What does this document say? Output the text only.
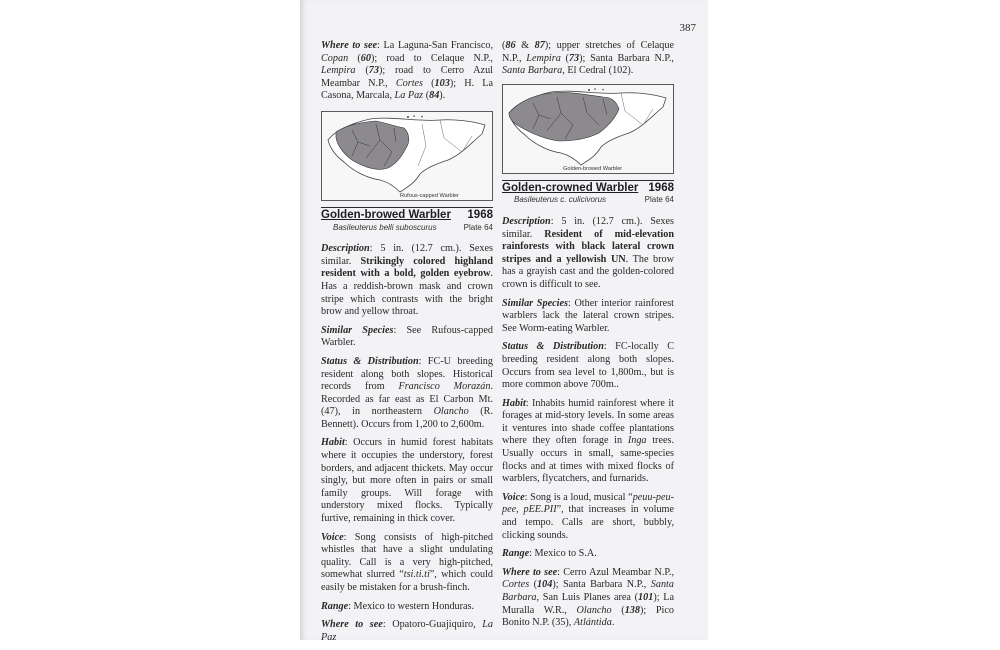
387

Where to see: La Laguna-San Francisco, Copan (60); road to Celaque N.P., Lempira (73); road to Cerro Azul Meambar N.P., Cortes (103); H. La Casona, Marcala, La Paz (84).

Rufous-capped Warbler
Golden-browed Warbler 1968
Basileuterus belli suboscurus	Plate 64

Description: 5 in. (12.7 cm.). Sexes similar. Strikingly colored highland resident with a bold, golden eyebrow. Has a reddish-brown mask and crown stripe which contrasts with the bright brow and yellow throat.

Similar Species: See Rufous-capped Warbler.

Status & Distribution: FC-U breeding resident along both slopes. Historical records from Francisco Morazán. Recorded as far east as El Carbon Mt. (47), in northeastern Olancho (R. Bennett). Occurs from 1,200 to 2,600m.

Habit: Occurs in humid forest habitats where it occupies the understory, forest borders, and adjacent thickets. May occur singly, but more often in pairs or small family groups. Will forage with understory mixed flocks. Typically furtive, remaining in thick cover.

Voice: Song consists of high-pitched whistles that have a slight undulating quality. Call is a very high-pitched, somewhat slurred “tsi.ti.ti”, which could easily be mistaken for a brush-finch.

Range: Mexico to western Honduras.

Where to see: Opatoro-Guajiquiro, La Paz

(86 & 87); upper stretches of Celaque N.P., Lempira (73); Santa Barbara N.P., Santa Barbara, El Cedral (102).

Golden-browed Warbler
Golden-crowned Warbler 1968
Basileuterus c. culicivorus	Plate 64

Description: 5 in. (12.7 cm.). Sexes similar. Resident of mid-elevation rainforests with black lateral crown stripes and a yellowish UN. The brow has a grayish cast and the golden-colored crown is difficult to see.

Similar Species: Other interior rainforest warblers lack the lateral crown stripes. See Worm-eating Warbler.

Status & Distribution: FC-locally C breeding resident along both slopes. Occurs from sea level to 1,800m., but is more common above 700m..

Habit: Inhabits humid rainforest where it forages at mid-story levels. In some areas it ventures into shade coffee plantations where they often forage in Inga trees. Usually occurs in small, same-species flocks and at times with mixed flocks of warblers, flycatchers, and furnarids.

Voice: Song is a loud, musical “peuu-peu-pee, pEE.PII”, that increases in volume and tempo. Calls are short, bubbly, clicking sounds.

Range: Mexico to S.A.

Where to see: Cerro Azul Meambar N.P., Cortes (104); Santa Barbara N.P., Santa Barbara, San Luis Planes area (101); La Muralla W.R., Olancho (138); Pico Bonito N.P. (35), Atlántida.
